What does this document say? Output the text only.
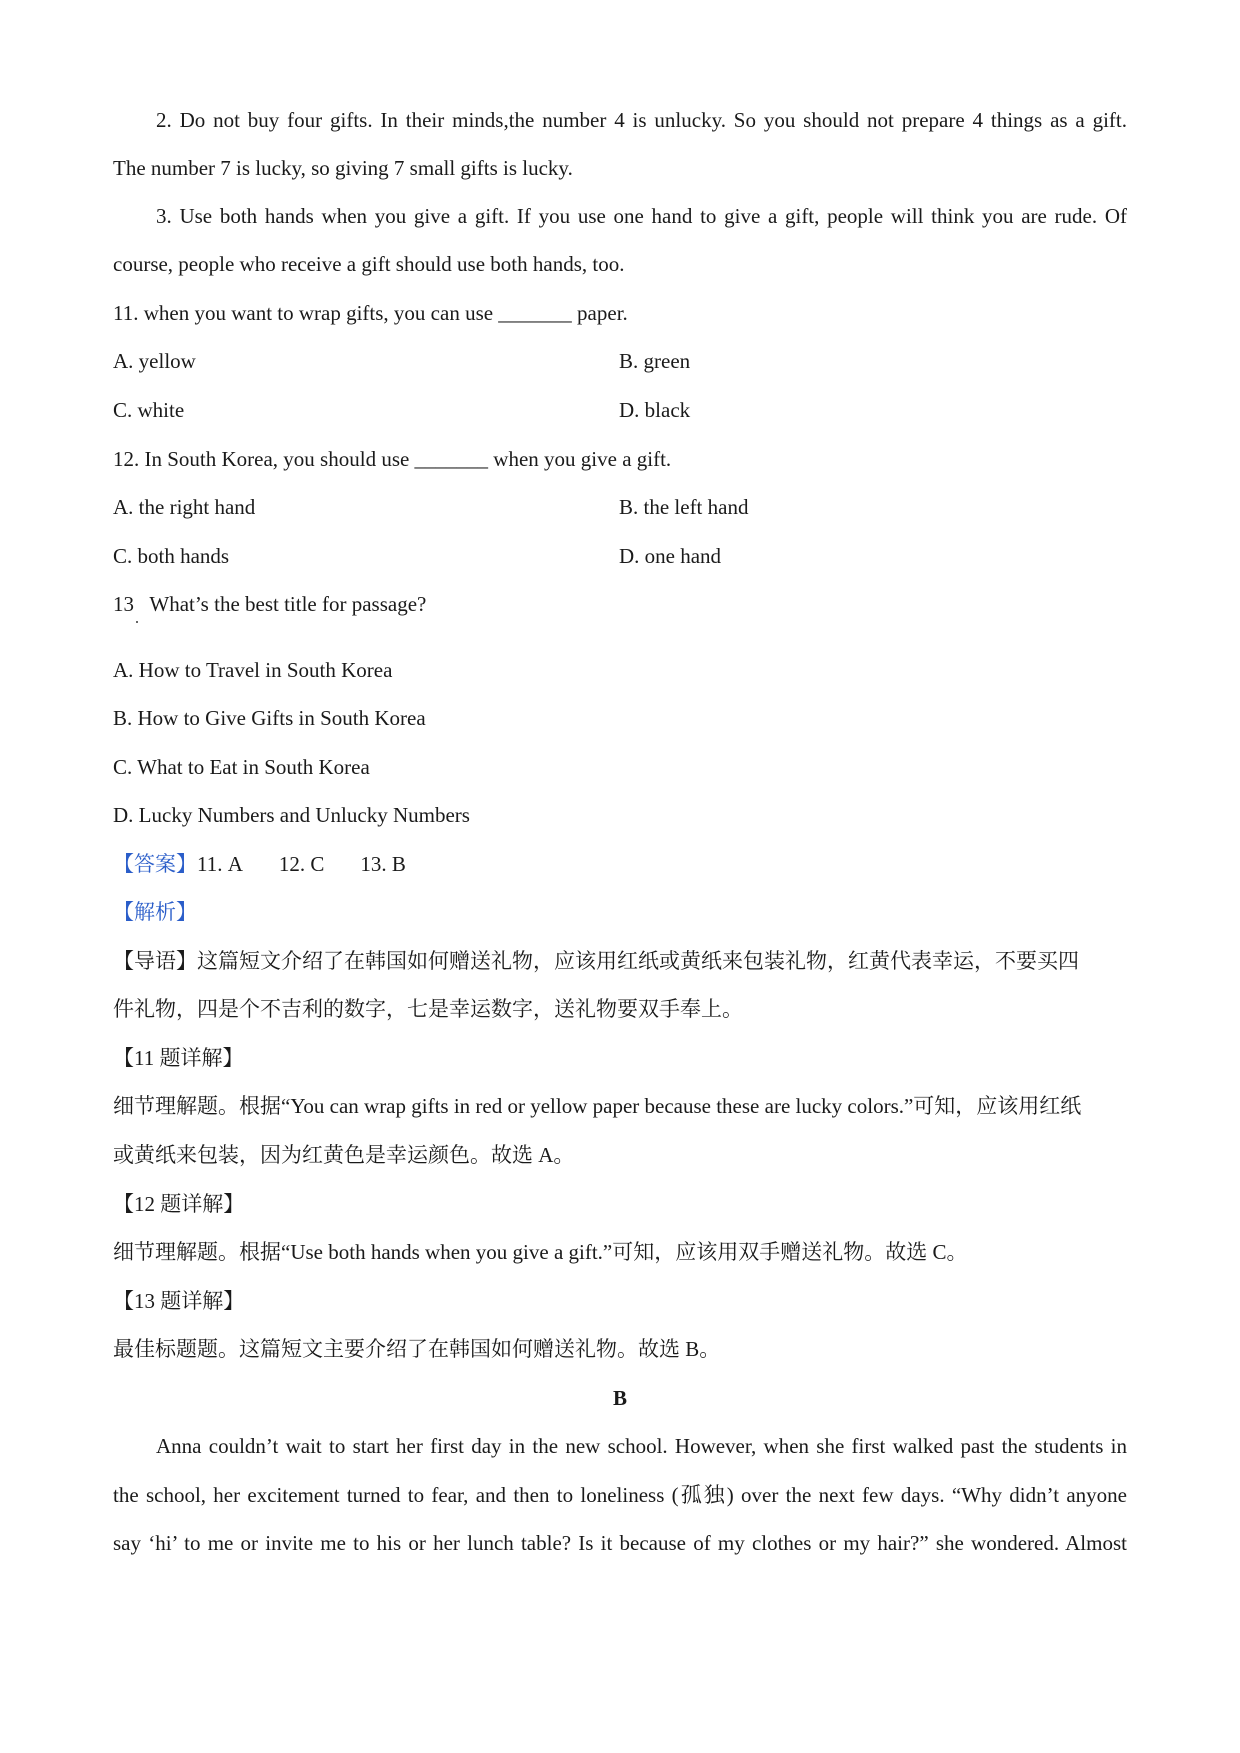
2. Do not buy four gifts. In their minds,the number 4 is unlucky. So you should not prepare 4 things as a gift.
The number 7 is lucky, so giving 7 small gifts is lucky.
3. Use both hands when you give a gift. If you use one hand to give a gift, people will think you are rude. Of
course, people who receive a gift should use both hands, too.
11. when you want to wrap gifts, you can use _______ paper.
A. yellow	B. green
C. white	D. black
12. In South Korea, you should use _______ when you give a gift.
A. the right hand	B. the left hand
C. both hands	D. one hand
13   What’s the best title for passage?
A. How to Travel in South Korea
B. How to Give Gifts in South Korea
C. What to Eat in South Korea
D. Lucky Numbers and Unlucky Numbers
【答案】11. A 12. C 13. B
【解析】
【导语】这篇短文介绍了在韩国如何赠送礼物，应该用红纸或黄纸来包装礼物，红黄代表幸运，不要买四
件礼物，四是个不吉利的数字，七是幸运数字，送礼物要双手奉上。
【11 题详解】
细节理解题。根据“You can wrap gifts in red or yellow paper because these are lucky colors.”可知，应该用红纸
或黄纸来包装，因为红黄色是幸运颜色。故选 A。
【12 题详解】
细节理解题。根据“Use both hands when you give a gift.”可知，应该用双手赠送礼物。故选 C。
【13 题详解】
最佳标题题。这篇短文主要介绍了在韩国如何赠送礼物。故选 B。
B
Anna couldn’t wait to start her first day in the new school. However, when she first walked past the students in
the school, her excitement turned to fear, and then to loneliness (孤独) over the next few days. “Why didn’t anyone
say ‘hi’ to me or invite me to his or her lunch table? Is it because of my clothes or my hair?” she wondered. Almost
